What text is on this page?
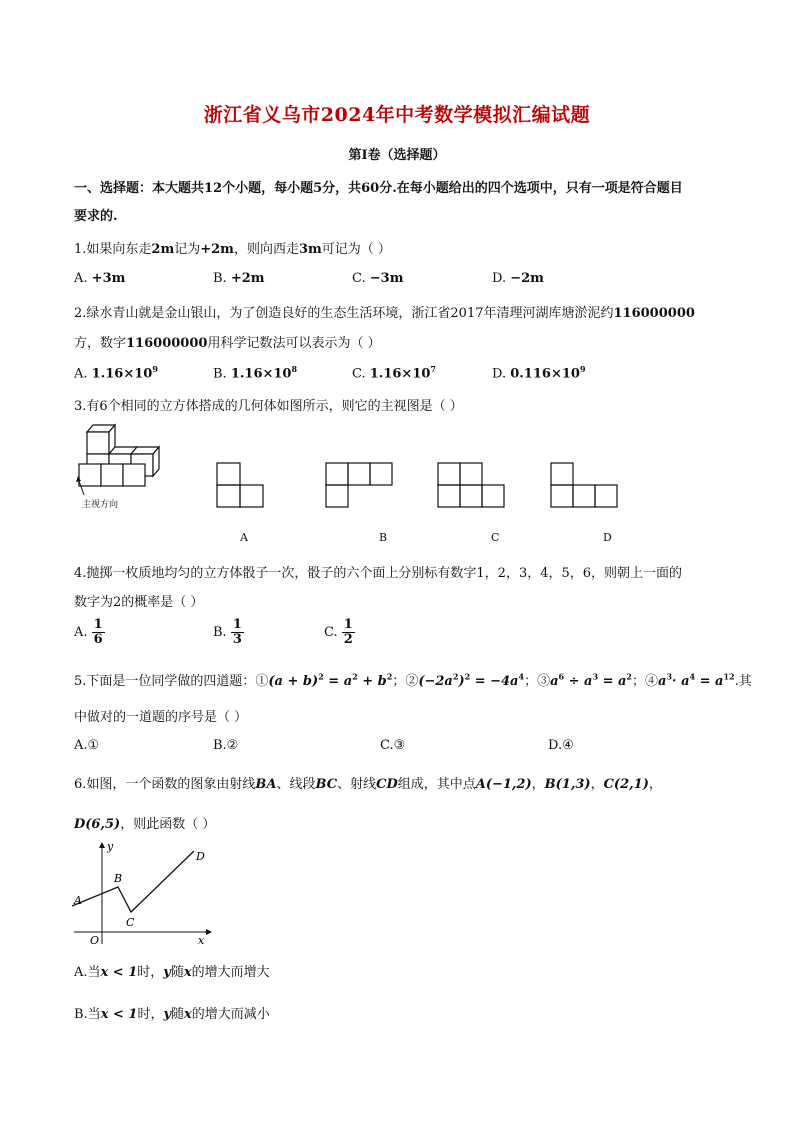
浙江省义乌市2024年中考数学模拟汇编试题
第Ⅰ卷（选择题）
一、选择题：本大题共12个小题，每小题5分，共60分.在每小题给出的四个选项中，只有一项是符合题目
要求的.
1.如果向东走2m记为+2m，则向西走3m可记为（ ）
A. +3m	B. +2m	C. −3m	D. −2m
2.绿水青山就是金山银山，为了创造良好的生态生活环境，浙江省2017年清理河湖库塘淤泥约116000000
方，数字116000000用科学记数法可以表示为（ ）
A. $1.16\times 10^9$	B. $1.16\times 10^8$	C. $1.16\times 10^7$	D. $0.116\times 10^9$
3.有6个相同的立方体搭成的几何体如图所示，则它的主视图是（ ）
主视方向
A	B	C	D
4.抛掷一枚质地均匀的立方体骰子一次，骰子的六个面上分别标有数字1，2，3，4，5，6，则朝上一面的
数字为2的概率是（ ）
A. $\frac{1}{6}$	B. $\frac{1}{3}$	C. $\frac{1}{2}$
5.下面是一位同学做的四道题：①(a + $b)^2 = a^2 + b^2$；$②(-2a^2)^2 = -4a^4$；$③a^6 \div a^3 = a^2$；$④a^3\cdot a^4 = a^{12}$.其
中做对的一道题的序号是（ ）
A.①	B.②	C.③	D.④
6.如图，一个函数的图象由射线BA、线段BC、射线CD组成，其中点A(−1,2)，B(1,3)，C(2,1)，
D(6,5)，则此函数（ ）
y
x
O
A
B
C
D
A.当x < 1时，y随x的增大而增大
B.当x < 1时，y随x的增大而减小
